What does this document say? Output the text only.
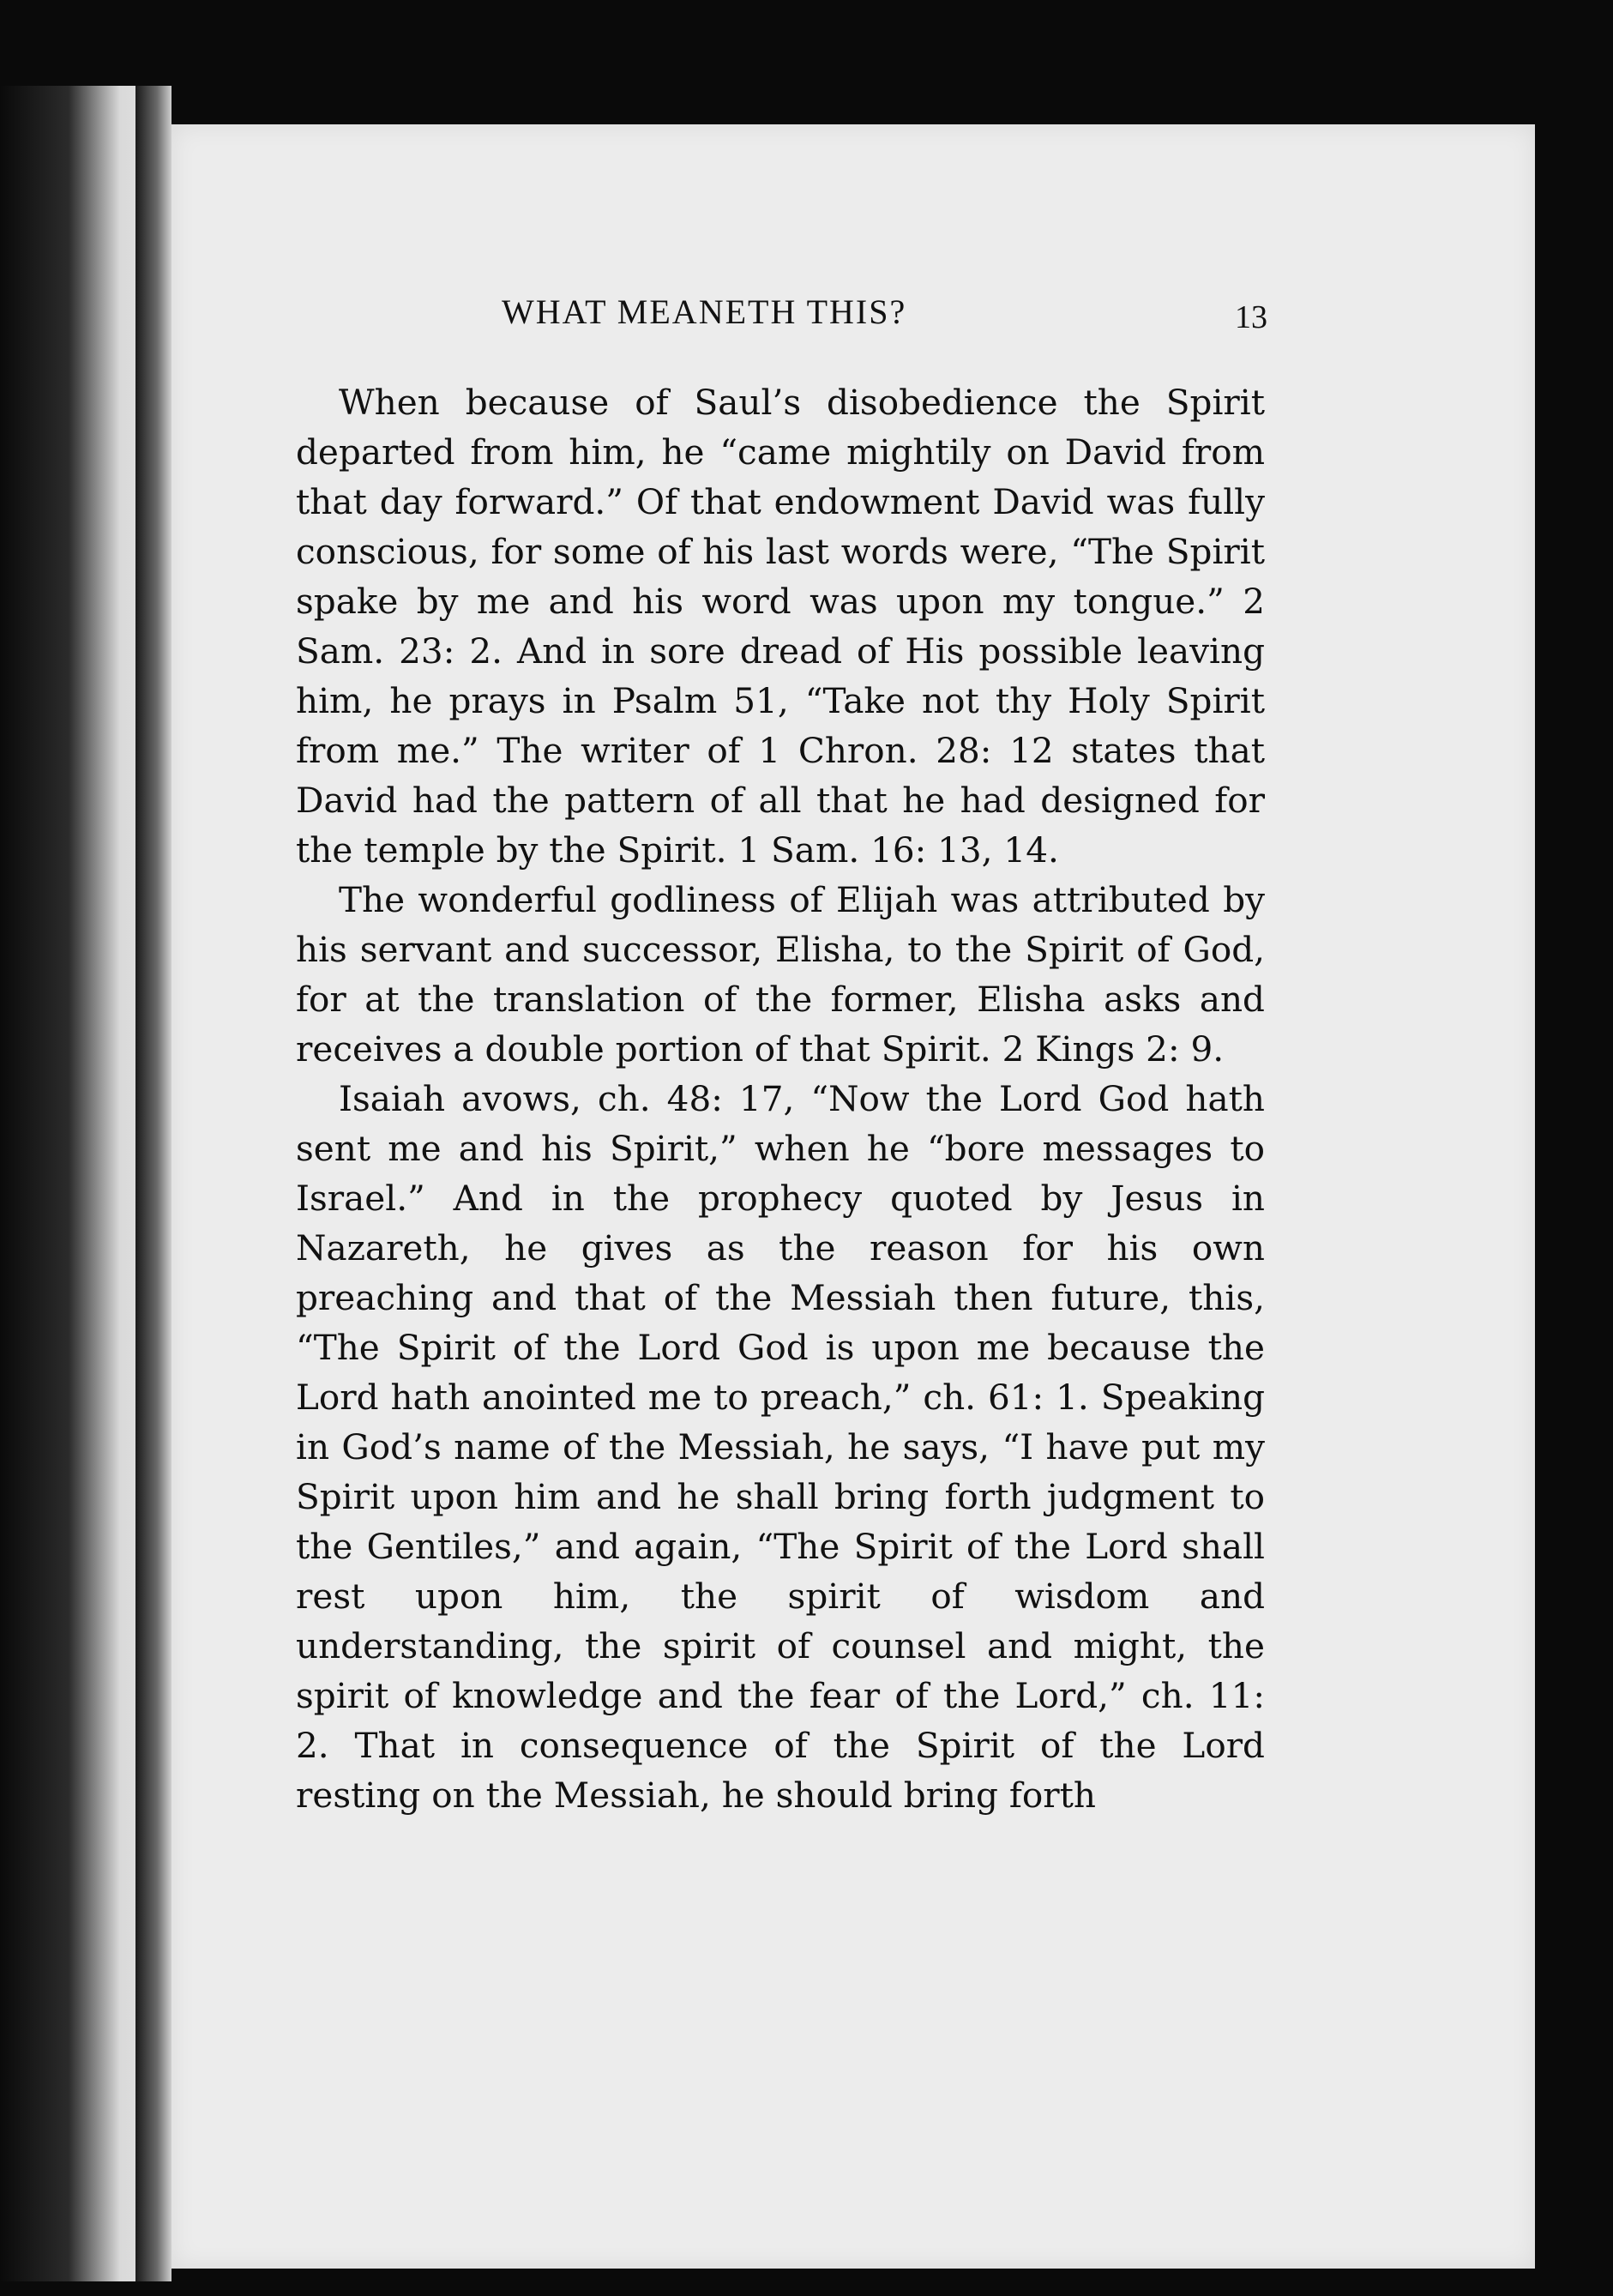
WHAT MEANETH THIS?	13

When because of Saul’s disobedience the Spirit departed from him, he “came mightily on David from that day forward.” Of that endowment David was fully conscious, for some of his last words were, “The Spirit spake by me and his word was upon my tongue.” 2 Sam. 23: 2. And in sore dread of His possible leaving him, he prays in Psalm 51, “Take not thy Holy Spirit from me.” The writer of 1 Chron. 28: 12 states that David had the pattern of all that he had designed for the temple by the Spirit. 1 Sam. 16: 13, 14.

The wonderful godliness of Elijah was attributed by his servant and successor, Elisha, to the Spirit of God, for at the translation of the former, Elisha asks and receives a double portion of that Spirit. 2 Kings 2: 9.

Isaiah avows, ch. 48: 17, “Now the Lord God hath sent me and his Spirit,” when he “bore messages to Israel.” And in the prophecy quoted by Jesus in Nazareth, he gives as the reason for his own preaching and that of the Messiah then future, this, “The Spirit of the Lord God is upon me because the Lord hath anointed me to preach,” ch. 61: 1. Speaking in God’s name of the Messiah, he says, “I have put my Spirit upon him and he shall bring forth judgment to the Gentiles,” and again, “The Spirit of the Lord shall rest upon him, the spirit of wisdom and understanding, the spirit of counsel and might, the spirit of knowledge and the fear of the Lord,” ch. 11: 2. That in consequence of the Spirit of the Lord resting on the Messiah, he should bring forth
